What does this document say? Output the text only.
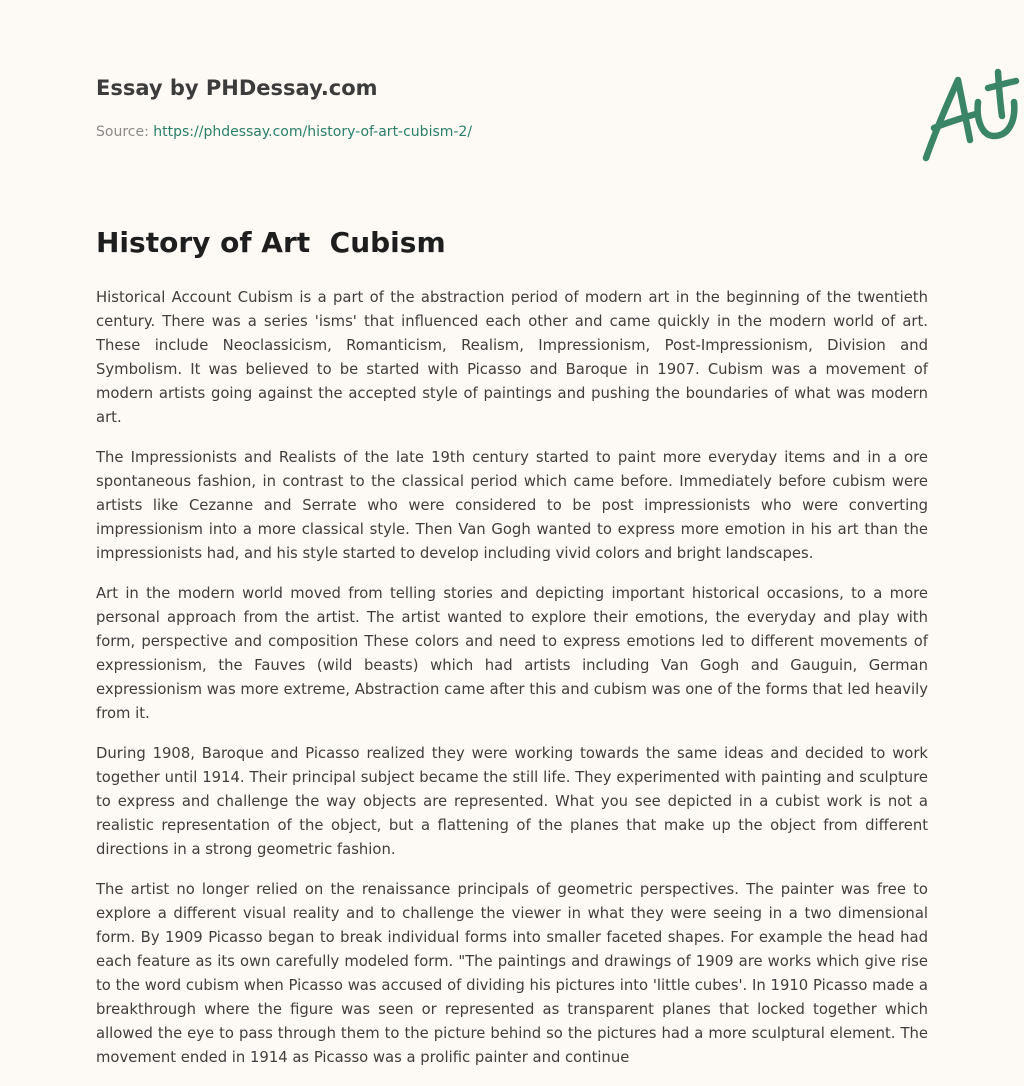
Essay by PHDessay.com
Source: https://phdessay.com/history-of-art-cubism-2/
History of Art  Cubism

Historical Account Cubism is a part of the abstraction period of modern art in the beginning of the twentieth century. There was a series 'isms' that influenced each other and came quickly in the modern world of art. These include Neoclassicism, Romanticism, Realism, Impressionism, Post-Impressionism, Division and Symbolism. It was believed to be started with Picasso and Baroque in 1907. Cubism was a movement of modern artists going against the accepted style of paintings and pushing the boundaries of what was modern art.

The Impressionists and Realists of the late 19th century started to paint more everyday items and in a ore spontaneous fashion, in contrast to the classical period which came before. Immediately before cubism were artists like Cezanne and Serrate who were considered to be post impressionists who were converting impressionism into a more classical style. Then Van Gogh wanted to express more emotion in his art than the impressionists had, and his style started to develop including vivid colors and bright landscapes.

Art in the modern world moved from telling stories and depicting important historical occasions, to a more personal approach from the artist. The artist wanted to explore their emotions, the everyday and play with form, perspective and composition These colors and need to express emotions led to different movements of expressionism, the Fauves (wild beasts) which had artists including Van Gogh and Gauguin, German expressionism was more extreme, Abstraction came after this and cubism was one of the forms that led heavily from it.

During 1908, Baroque and Picasso realized they were working towards the same ideas and decided to work together until 1914. Their principal subject became the still life. They experimented with painting and sculpture to express and challenge the way objects are represented. What you see depicted in a cubist work is not a realistic representation of the object, but a flattening of the planes that make up the object from different directions in a strong geometric fashion.

The artist no longer relied on the renaissance principals of geometric perspectives. The painter was free to explore a different visual reality and to challenge the viewer in what they were seeing in a two dimensional form. By 1909 Picasso began to break individual forms into smaller faceted shapes. For example the head had each feature as its own carefully modeled form. "The paintings and drawings of 1909 are works which give rise to the word cubism when Picasso was accused of dividing his pictures into 'little cubes'. In 1910 Picasso made a breakthrough where the figure was seen or represented as transparent planes that locked together which allowed the eye to pass through them to the picture behind so the pictures had a more sculptural element. The movement ended in 1914 as Picasso was a prolific painter and continue
